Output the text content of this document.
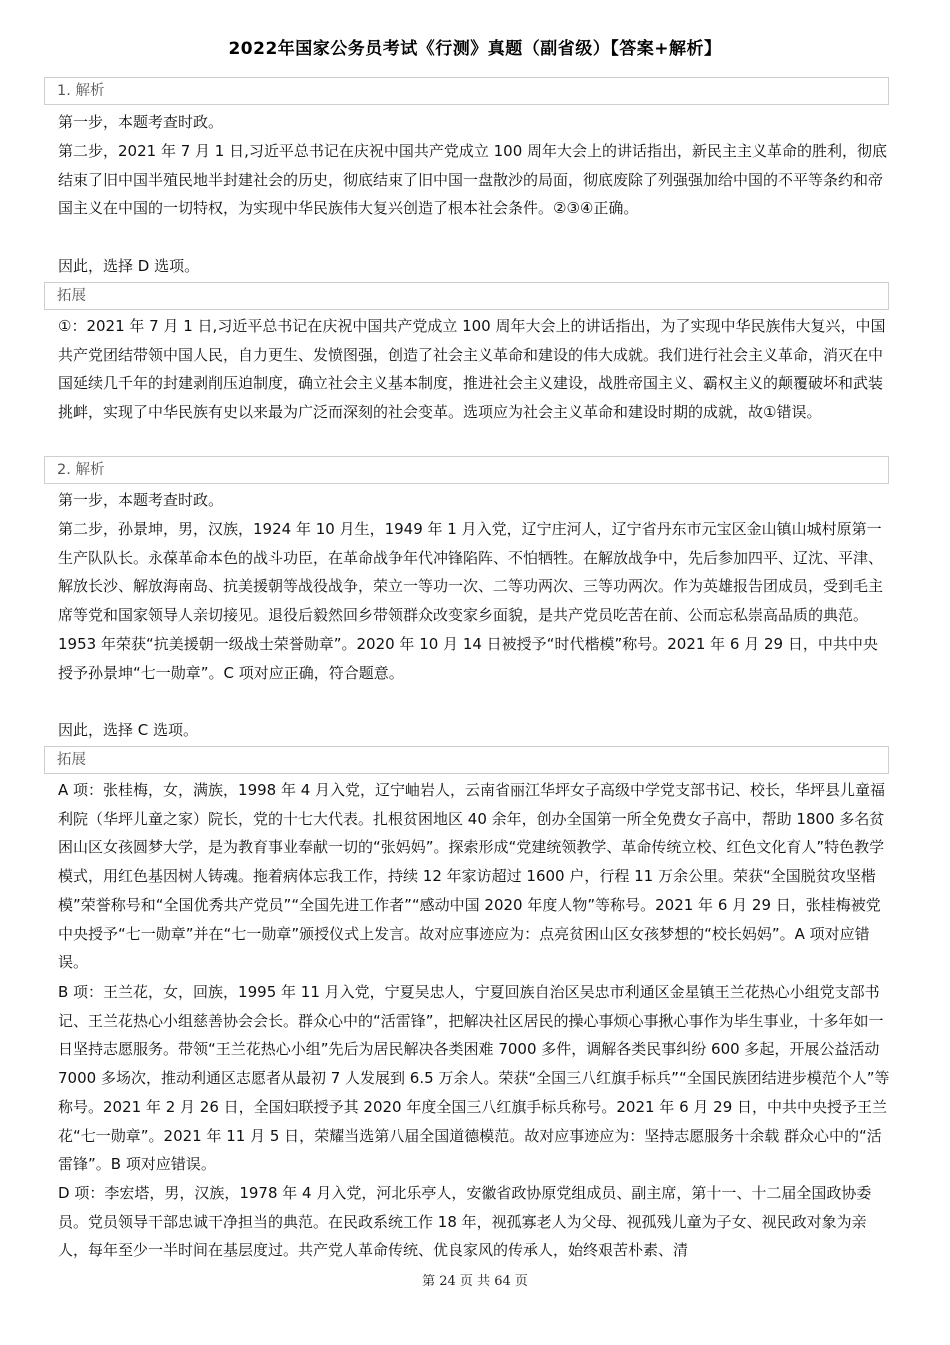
2022年国家公务员考试《行测》真题（副省级）【答案+解析】
1. 解析

第一步，本题考查时政。

第二步，2021 年 7 月 1 日,习近平总书记在庆祝中国共产党成立 100 周年大会上的讲话指出，新民主主义革命的胜利，彻底结束了旧中国半殖民地半封建社会的历史，彻底结束了旧中国一盘散沙的局面，彻底废除了列强强加给中国的不平等条约和帝国主义在中国的一切特权，为实现中华民族伟大复兴创造了根本社会条件。②③④正确。

因此，选择 D 选项。

拓展

①：2021 年 7 月 1 日,习近平总书记在庆祝中国共产党成立 100 周年大会上的讲话指出，为了实现中华民族伟大复兴，中国共产党团结带领中国人民，自力更生、发愤图强，创造了社会主义革命和建设的伟大成就。我们进行社会主义革命，消灭在中国延续几千年的封建剥削压迫制度，确立社会主义基本制度，推进社会主义建设，战胜帝国主义、霸权主义的颠覆破坏和武装挑衅，实现了中华民族有史以来最为广泛而深刻的社会变革。选项应为社会主义革命和建设时期的成就，故①错误。

2. 解析

第一步，本题考查时政。

第二步，孙景坤，男，汉族，1924 年 10 月生，1949 年 1 月入党，辽宁庄河人，辽宁省丹东市元宝区金山镇山城村原第一生产队队长。永葆革命本色的战斗功臣，在革命战争年代冲锋陷阵、不怕牺牲。在解放战争中，先后参加四平、辽沈、平津、解放长沙、解放海南岛、抗美援朝等战役战争，荣立一等功一次、二等功两次、三等功两次。作为英雄报告团成员，受到毛主席等党和国家领导人亲切接见。退役后毅然回乡带领群众改变家乡面貌，是共产党员吃苦在前、公而忘私崇高品质的典范。1953 年荣获“抗美援朝一级战士荣誉勋章”。2020 年 10 月 14 日被授予“时代楷模”称号。2021 年 6 月 29 日，中共中央授予孙景坤“七一勋章”。C 项对应正确，符合题意。

因此，选择 C 选项。

拓展

A 项：张桂梅，女，满族，1998 年 4 月入党，辽宁岫岩人，云南省丽江华坪女子高级中学党支部书记、校长，华坪县儿童福利院（华坪儿童之家）院长，党的十七大代表。扎根贫困地区 40 余年，创办全国第一所全免费女子高中，帮助 1800 多名贫困山区女孩圆梦大学，是为教育事业奉献一切的“张妈妈”。探索形成“党建统领教学、革命传统立校、红色文化育人”特色教学模式，用红色基因树人铸魂。拖着病体忘我工作，持续 12 年家访超过 1600 户，行程 11 万余公里。荣获“全国脱贫攻坚楷模”荣誉称号和“全国优秀共产党员”“全国先进工作者”“感动中国 2020 年度人物”等称号。2021 年 6 月 29 日，张桂梅被党中央授予“七一勋章”并在“七一勋章”颁授仪式上发言。故对应事迹应为：点亮贫困山区女孩梦想的“校长妈妈”。A 项对应错误。

B 项：王兰花，女，回族，1995 年 11 月入党，宁夏吴忠人，宁夏回族自治区吴忠市利通区金星镇王兰花热心小组党支部书记、王兰花热心小组慈善协会会长。群众心中的“活雷锋”，把解决社区居民的操心事烦心事揪心事作为毕生事业，十多年如一日坚持志愿服务。带领“王兰花热心小组”先后为居民解决各类困难 7000 多件，调解各类民事纠纷 600 多起，开展公益活动 7000 多场次，推动利通区志愿者从最初 7 人发展到 6.5 万余人。荣获“全国三八红旗手标兵”“全国民族团结进步模范个人”等称号。2021 年 2 月 26 日，全国妇联授予其 2020 年度全国三八红旗手标兵称号。2021 年 6 月 29 日，中共中央授予王兰花“七一勋章”。2021 年 11 月 5 日，荣耀当选第八届全国道德模范。故对应事迹应为：坚持志愿服务十余载 群众心中的“活雷锋”。B 项对应错误。

D 项：李宏塔，男，汉族，1978 年 4 月入党，河北乐亭人，安徽省政协原党组成员、副主席，第十一、十二届全国政协委员。党员领导干部忠诚干净担当的典范。在民政系统工作 18 年，视孤寡老人为父母、视孤残儿童为子女、视民政对象为亲人，每年至少一半时间在基层度过。共产党人革命传统、优良家风的传承人，始终艰苦朴素、清

第 24 页 共 64 页
